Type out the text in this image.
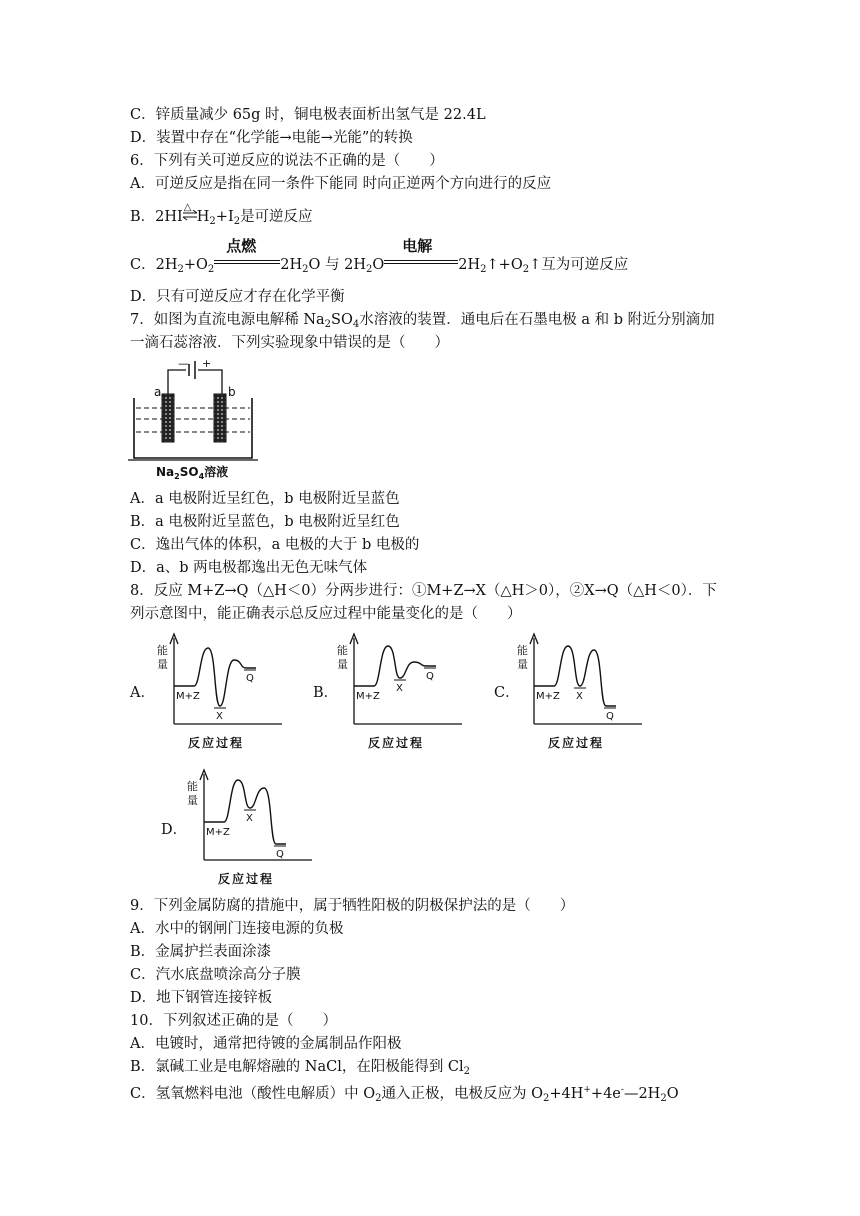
C．锌质量减少 65g 时，铜电极表面析出氢气是 22.4L
D．装置中存在“化学能→电能→光能”的转换
6．下列有关可逆反应的说法不正确的是（　　）
A．可逆反应是指在同一条件下能同 时向正逆两个方向进行的反应
B．2HI
△
$H_2+I_2$是可逆反应
C．$2H_2+O_2$
点燃
$2H_2O$ 与 $2H_2O$
电解
$2H_2↑+O_2↑$互为可逆反应
D．只有可逆反应才存在化学平衡
7．如图为直流电源电解稀 $Na_2SO_4$水溶液的装置．通电后在石墨电极 a 和 b 附近分别滴加
一滴石蕊溶液．下列实验现象中错误的是（　　）
a	b
— +
$Na_2SO_4$溶液
A．a 电极附近呈红色，b 电极附近呈蓝色
B．a 电极附近呈蓝色，b 电极附近呈红色
C．逸出气体的体积，a 电极的大于 b 电极的
D．a、b 两电极都逸出无色无味气体
8．反应 M+Z→Q（△H＜0）分两步进行：①M+Z→X（△H＞0），②X→Q（△H＜0）．下
列示意图中，能正确表示总反应过程中能量变化的是（　　）
A．	B．	C．
D．
能
量
反应过程
M+Z
X
Q
能
量
反应过程
M+Z
X
Q
能
量
反应过程
M+Z X
Q
能
量
反应过程
M+Z
X
Q
9．下列金属防腐的措施中，属于牺牲阳极的阴极保护法的是（　　）
A．水中的钢闸门连接电源的负极
B．金属护拦表面涂漆
C．汽水底盘喷涂高分子膜
D．地下钢管连接锌板
10．下列叙述正确的是（　　）
A．电镀时，通常把待镀的金属制品作阳极
B．氯碱工业是电解熔融的 NaCl，在阳极能得到 $Cl_2$
C．氢氧燃料电池（酸性电解质）中 $O_2$通入正极，电极反应为 $O_2+4H^++4e^-—2H_2O$
